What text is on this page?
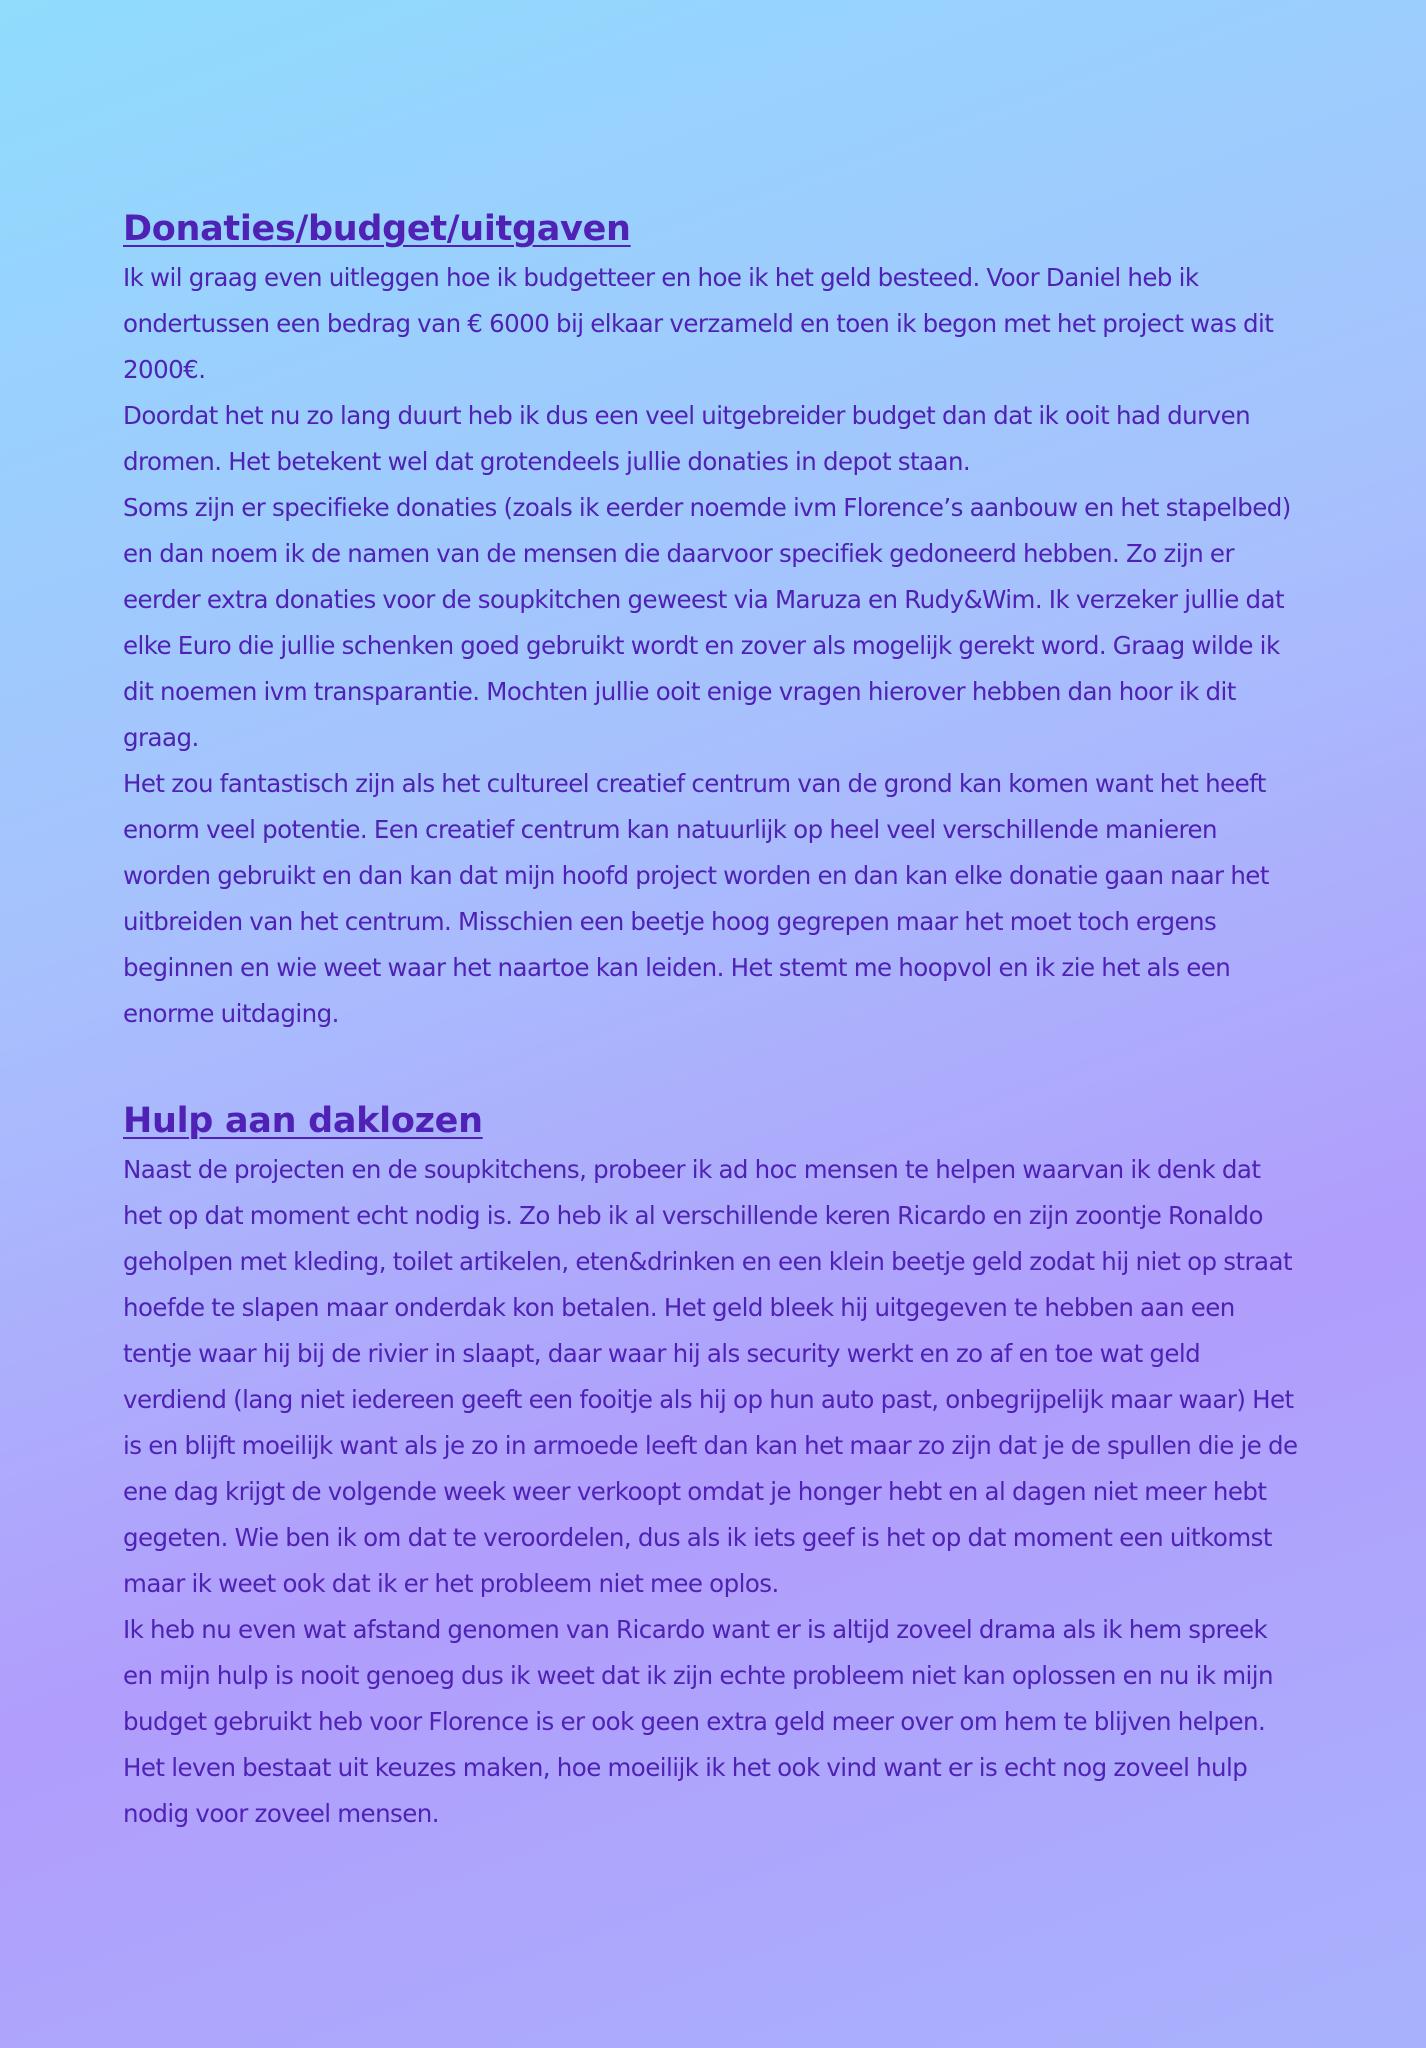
Donaties/budget/uitgaven

Ik wil graag even uitleggen hoe ik budgetteer en hoe ik het geld besteed. Voor Daniel heb ik ondertussen een bedrag van € 6000 bij elkaar verzameld en toen ik begon met het project was dit 2000€.

Doordat het nu zo lang duurt heb ik dus een veel uitgebreider budget dan dat ik ooit had durven dromen. Het betekent wel dat grotendeels jullie donaties in depot staan.

Soms zijn er specifieke donaties (zoals ik eerder noemde ivm Florence’s aanbouw en het stapelbed) en dan noem ik de namen van de mensen die daarvoor specifiek gedoneerd hebben. Zo zijn er eerder extra donaties voor de soupkitchen geweest via Maruza en Rudy&Wim. Ik verzeker jullie dat elke Euro die jullie schenken goed gebruikt wordt en zover als mogelijk gerekt word. Graag wilde ik dit noemen ivm transparantie. Mochten jullie ooit enige vragen hierover hebben dan hoor ik dit graag.

Het zou fantastisch zijn als het cultureel creatief centrum van de grond kan komen want het heeft enorm veel potentie. Een creatief centrum kan natuurlijk op heel veel verschillende manieren worden gebruikt en dan kan dat mijn hoofd project worden en dan kan elke donatie gaan naar het uitbreiden van het centrum. Misschien een beetje hoog gegrepen maar het moet toch ergens beginnen en wie weet waar het naartoe kan leiden. Het stemt me hoopvol en ik zie het als een enorme uitdaging.

Hulp aan daklozen

Naast de projecten en de soupkitchens, probeer ik ad hoc mensen te helpen waarvan ik denk dat het op dat moment echt nodig is. Zo heb ik al verschillende keren Ricardo en zijn zoontje Ronaldo geholpen met kleding, toilet artikelen, eten&drinken en een klein beetje geld zodat hij niet op straat hoefde te slapen maar onderdak kon betalen. Het geld bleek hij uitgegeven te hebben aan een tentje waar hij bij de rivier in slaapt, daar waar hij als security werkt en zo af en toe wat geld verdiend (lang niet iedereen geeft een fooitje als hij op hun auto past, onbegrijpelijk maar waar) Het is en blijft moeilijk want als je zo in armoede leeft dan kan het maar zo zijn dat je de spullen die je de ene dag krijgt de volgende week weer verkoopt omdat je honger hebt en al dagen niet meer hebt gegeten. Wie ben ik om dat te veroordelen, dus als ik iets geef is het op dat moment een uitkomst maar ik weet ook dat ik er het probleem niet mee oplos.

Ik heb nu even wat afstand genomen van Ricardo want er is altijd zoveel drama als ik hem spreek en mijn hulp is nooit genoeg dus ik weet dat ik zijn echte probleem niet kan oplossen en nu ik mijn budget gebruikt heb voor Florence is er ook geen extra geld meer over om hem te blijven helpen. Het leven bestaat uit keuzes maken, hoe moeilijk ik het ook vind want er is echt nog zoveel hulp nodig voor zoveel mensen.
